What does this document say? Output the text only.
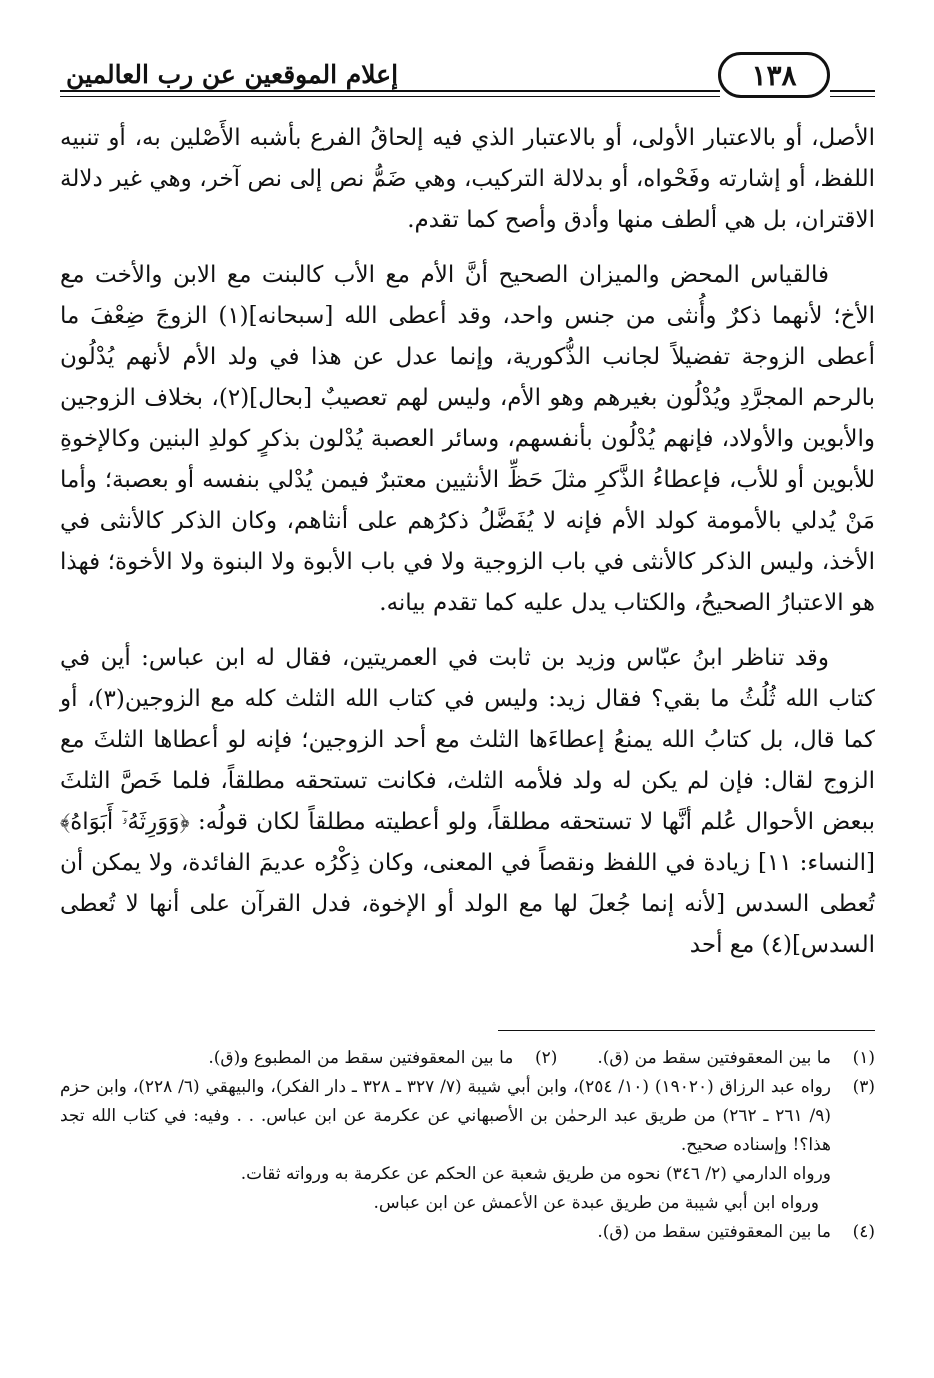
إعلام الموقعين عن رب العالمين	١٣٨

الأصل، أو بالاعتبار الأولى، أو بالاعتبار الذي فيه إلحاقُ الفرع بأشبه الأَصْلين به، أو تنبيه اللفظ، أو إشارته وفَحْواه، أو بدلالة التركيب، وهي ضَمُّ نص إلى نص آخر، وهي غير دلالة الاقتران، بل هي ألطف منها وأدق وأصح كما تقدم.

فالقياس المحض والميزان الصحيح أنَّ الأم مع الأب كالبنت مع الابن والأخت مع الأخ؛ لأنهما ذكرٌ وأُنثى من جنس واحد، وقد أعطى الله [سبحانه](١) الزوجَ ضِعْفَ ما أعطى الزوجة تفضيلاً لجانب الذُّكورية، وإنما عدل عن هذا في ولد الأم لأنهم يُدْلُون بالرحم المجرَّدِ ويُدْلُون بغيرهم وهو الأم، وليس لهم تعصيبٌ [بحال](٢)، بخلاف الزوجين والأبوين والأولاد، فإنهم يُدْلُون بأنفسهم، وسائر العصبة يُدْلون بذكرٍ كولدِ البنين وكالإخوةِ للأبوين أو للأب، فإعطاءُ الذَّكرِ مثلَ حَظِّ الأنثيين معتبرٌ فيمن يُدْلي بنفسه أو بعصبة؛ وأما مَنْ يُدلي بالأمومة كولد الأم فإنه لا يُفَضَّلُ ذكرُهم على أنثاهم، وكان الذكر كالأنثى في الأخذ، وليس الذكر كالأنثى في باب الزوجية ولا في باب الأبوة ولا البنوة ولا الأخوة؛ فهذا هو الاعتبارُ الصحيحُ، والكتاب يدل عليه كما تقدم بيانه.

وقد تناظر ابنُ عبّاس وزيد بن ثابت في العمريتين، فقال له ابن عباس: أين في كتاب الله ثُلُثُ ما بقي؟ فقال زيد: وليس في كتاب الله الثلث كله مع الزوجين(٣)، أو كما قال، بل كتابُ الله يمنعُ إعطاءَها الثلث مع أحد الزوجين؛ فإنه لو أعطاها الثلثَ مع الزوج لقال: فإن لم يكن له ولد فلأمه الثلث، فكانت تستحقه مطلقاً، فلما خَصَّ الثلثَ ببعض الأحوال عُلم أنَّها لا تستحقه مطلقاً، ولو أعطيته مطلقاً لكان قولُه: ﴿وَوَرِثَهُۥٓ أَبَوَاهُ﴾ [النساء: ١١] زيادة في اللفظ ونقصاً في المعنى، وكان ذِكْرُه عديمَ الفائدة، ولا يمكن أن تُعطى السدس [لأنه إنما جُعلَ لها مع الولد أو الإخوة، فدل القرآن على أنها لا تُعطى السدس](٤) مع أحد

(١)
ما بين المعقوفتين سقط من (ق).
(٢)
ما بين المعقوفتين سقط من المطبوع و(ق).
(٣)
رواه عبد الرزاق (١٩٠٢٠) (١٠/ ٢٥٤)، وابن أبي شيبة (٧/ ٣٢٧ ـ ٣٢٨ ـ دار الفكر)، والبيهقي (٦/ ٢٢٨)، وابن حزم (٩/ ٢٦١ ـ ٢٦٢) من طريق عبد الرحمٰن بن الأصبهاني عن عكرمة عن ابن عباس. . . وفيه: في كتاب الله تجد هذا؟! وإسناده صحيح.
ورواه الدارمي (٢/ ٣٤٦) نحوه من طريق شعبة عن الحكم عن عكرمة به ورواته ثقات.
ورواه ابن أبي شيبة من طريق عبدة عن الأعمش عن ابن عباس.
(٤)
ما بين المعقوفتين سقط من (ق).
